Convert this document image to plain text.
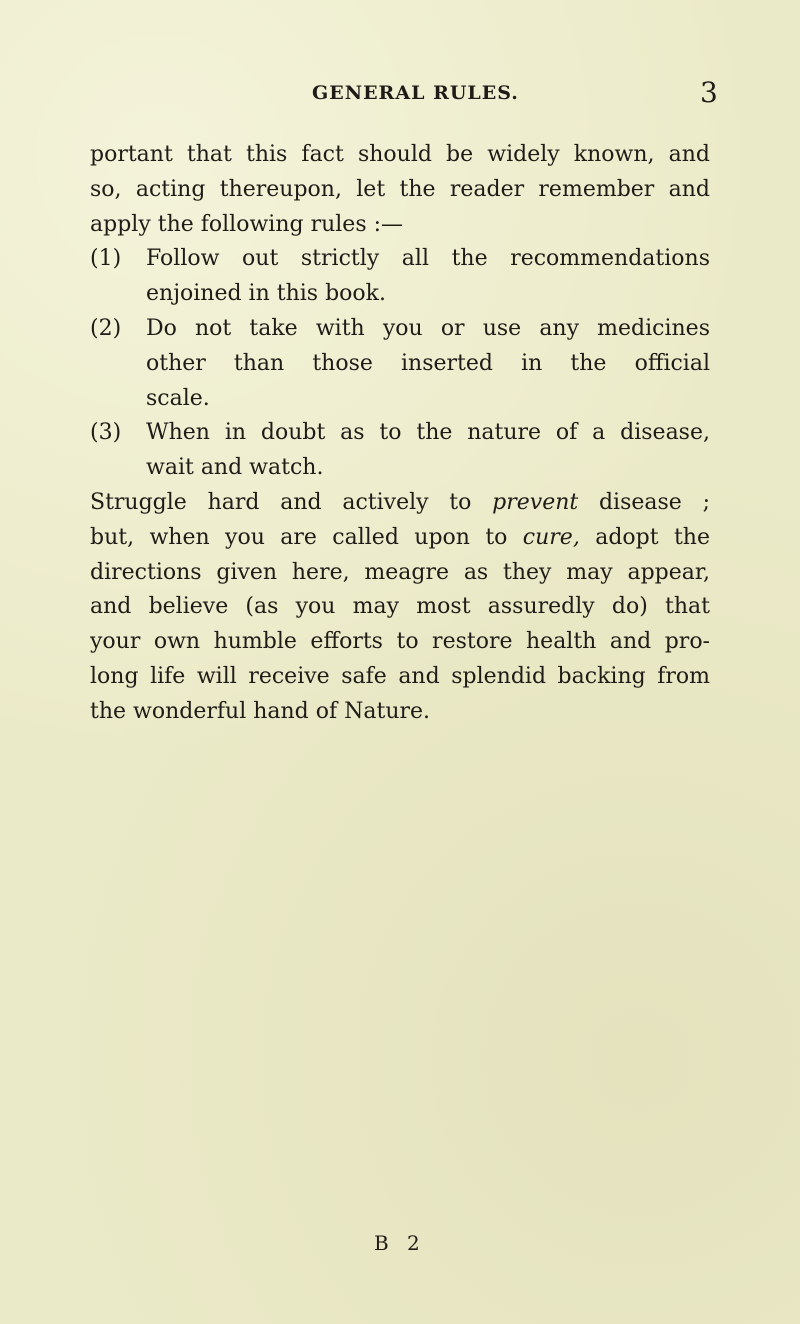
GENERAL RULES.	3
portant that this fact should be widely known, and
so, acting thereupon, let the reader remember and
apply the following rules :—
(1) Follow out strictly all the recommendations
enjoined in this book.
(2) Do not take with you or use any medicines
other than those inserted in the official
scale.
(3) When in doubt as to the nature of a disease,
wait and watch.
Struggle hard and actively to prevent disease ;
but, when you are called upon to cure, adopt the
directions given here, meagre as they may appear,
and believe (as you may most assuredly do) that
your own humble efforts to restore health and pro-
long life will receive safe and splendid backing from
the wonderful hand of Nature.
B 2
